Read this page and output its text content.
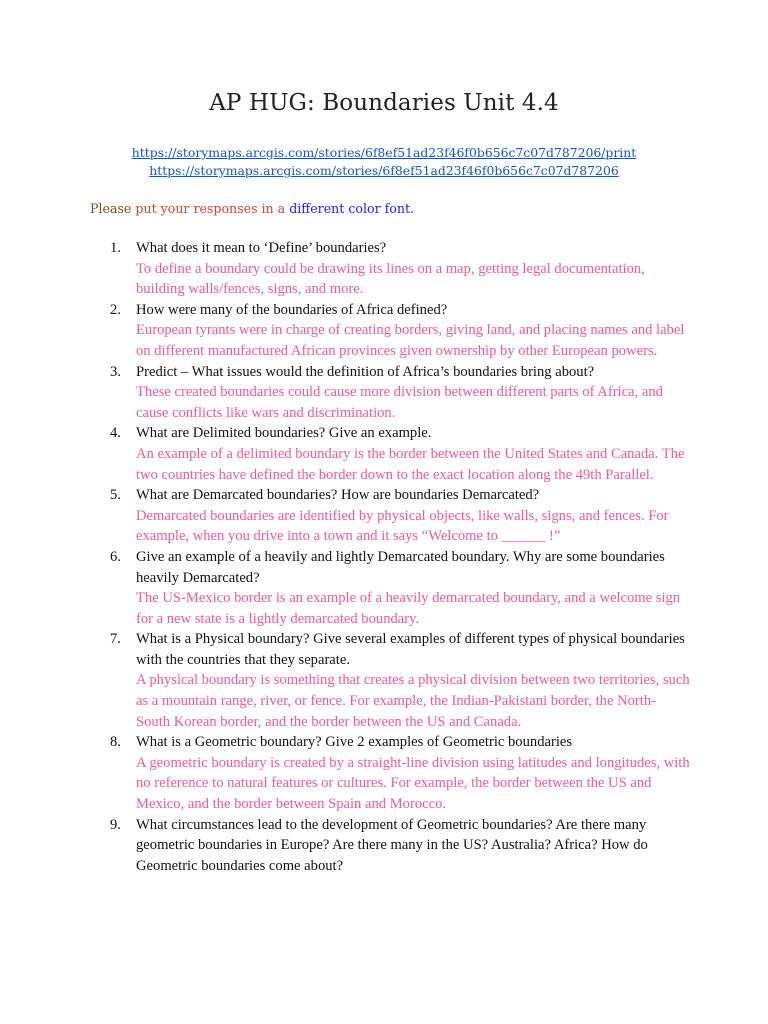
AP HUG: Boundaries Unit 4.4
https://storymaps.arcgis.com/stories/6f8ef51ad23f46f0b656c7c07d787206/print
https://storymaps.arcgis.com/stories/6f8ef51ad23f46f0b656c7c07d787206
Please put your responses in a different color font.
1. What does it mean to ‘Define’ boundaries?
To define a boundary could be drawing its lines on a map, getting legal documentation, building walls/fences, signs, and more.
2. How were many of the boundaries of Africa defined?
European tyrants were in charge of creating borders, giving land, and placing names and label on different manufactured African provinces given ownership by other European powers.
3. Predict – What issues would the definition of Africa’s boundaries bring about?
These created boundaries could cause more division between different parts of Africa, and cause conflicts like wars and discrimination.
4. What are Delimited boundaries? Give an example.
An example of a delimited boundary is the border between the United States and Canada. The two countries have defined the border down to the exact location along the 49th Parallel.
5. What are Demarcated boundaries? How are boundaries Demarcated?
Demarcated boundaries are identified by physical objects, like walls, signs, and fences. For example, when you drive into a town and it says “Welcome to ______ !”
6. Give an example of a heavily and lightly Demarcated boundary. Why are some boundaries heavily Demarcated?
The US-Mexico border is an example of a heavily demarcated boundary, and a welcome sign for a new state is a lightly demarcated boundary.
7. What is a Physical boundary? Give several examples of different types of physical boundaries with the countries that they separate.
A physical boundary is something that creates a physical division between two territories, such as a mountain range, river, or fence. For example, the Indian-Pakistani border, the North-South Korean border, and the border between the US and Canada.
8. What is a Geometric boundary? Give 2 examples of Geometric boundaries
A geometric boundary is created by a straight-line division using latitudes and longitudes, with no reference to natural features or cultures. For example, the border between the US and Mexico, and the border between Spain and Morocco.
9. What circumstances lead to the development of Geometric boundaries? Are there many geometric boundaries in Europe? Are there many in the US? Australia? Africa? How do Geometric boundaries come about?
